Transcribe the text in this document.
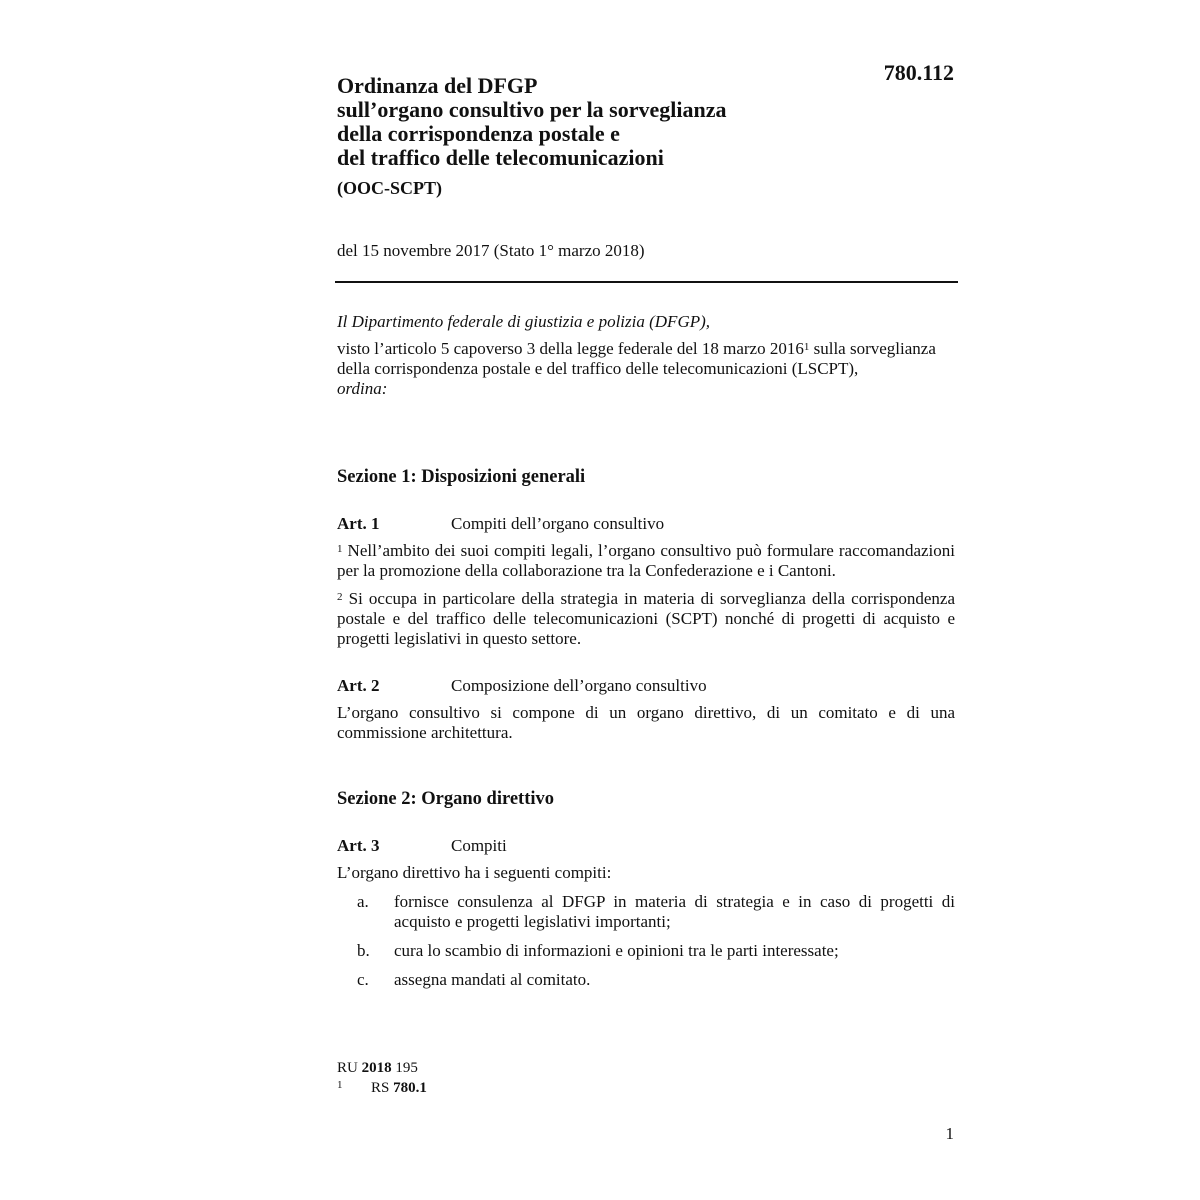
780.112
Ordinanza del DFGP
sull’organo consultivo per la sorveglianza
della corrispondenza postale e
del traffico delle telecomunicazioni
(OOC-SCPT)
del 15 novembre 2017 (Stato 1° marzo 2018)
Il Dipartimento federale di giustizia e polizia (DFGP),
visto l’articolo 5 capoverso 3 della legge federale del 18 marzo 2016$^1$ sulla sorveglianza della corrispondenza postale e del traffico delle telecomunicazioni (LSCPT),
ordina:
Sezione 1: Disposizioni generali
Art. 1	Compiti dell’organo consultivo
$^1$ Nell’ambito dei suoi compiti legali, l’organo consultivo può formulare raccomandazioni per la promozione della collaborazione tra la Confederazione e i Cantoni.
$^2$ Si occupa in particolare della strategia in materia di sorveglianza della corrispondenza postale e del traffico delle telecomunicazioni (SCPT) nonché di progetti di acquisto e progetti legislativi in questo settore.
Art. 2	Composizione dell’organo consultivo
L’organo consultivo si compone di un organo direttivo, di un comitato e di una commissione architettura.
Sezione 2: Organo direttivo
Art. 3	Compiti
L’organo direttivo ha i seguenti compiti:
a.	fornisce consulenza al DFGP in materia di strategia e in caso di progetti di acquisto e progetti legislativi importanti;
b.	cura lo scambio di informazioni e opinioni tra le parti interessate;
c.	assegna mandati al comitato.
RU 2018 195
1	RS 780.1
1
